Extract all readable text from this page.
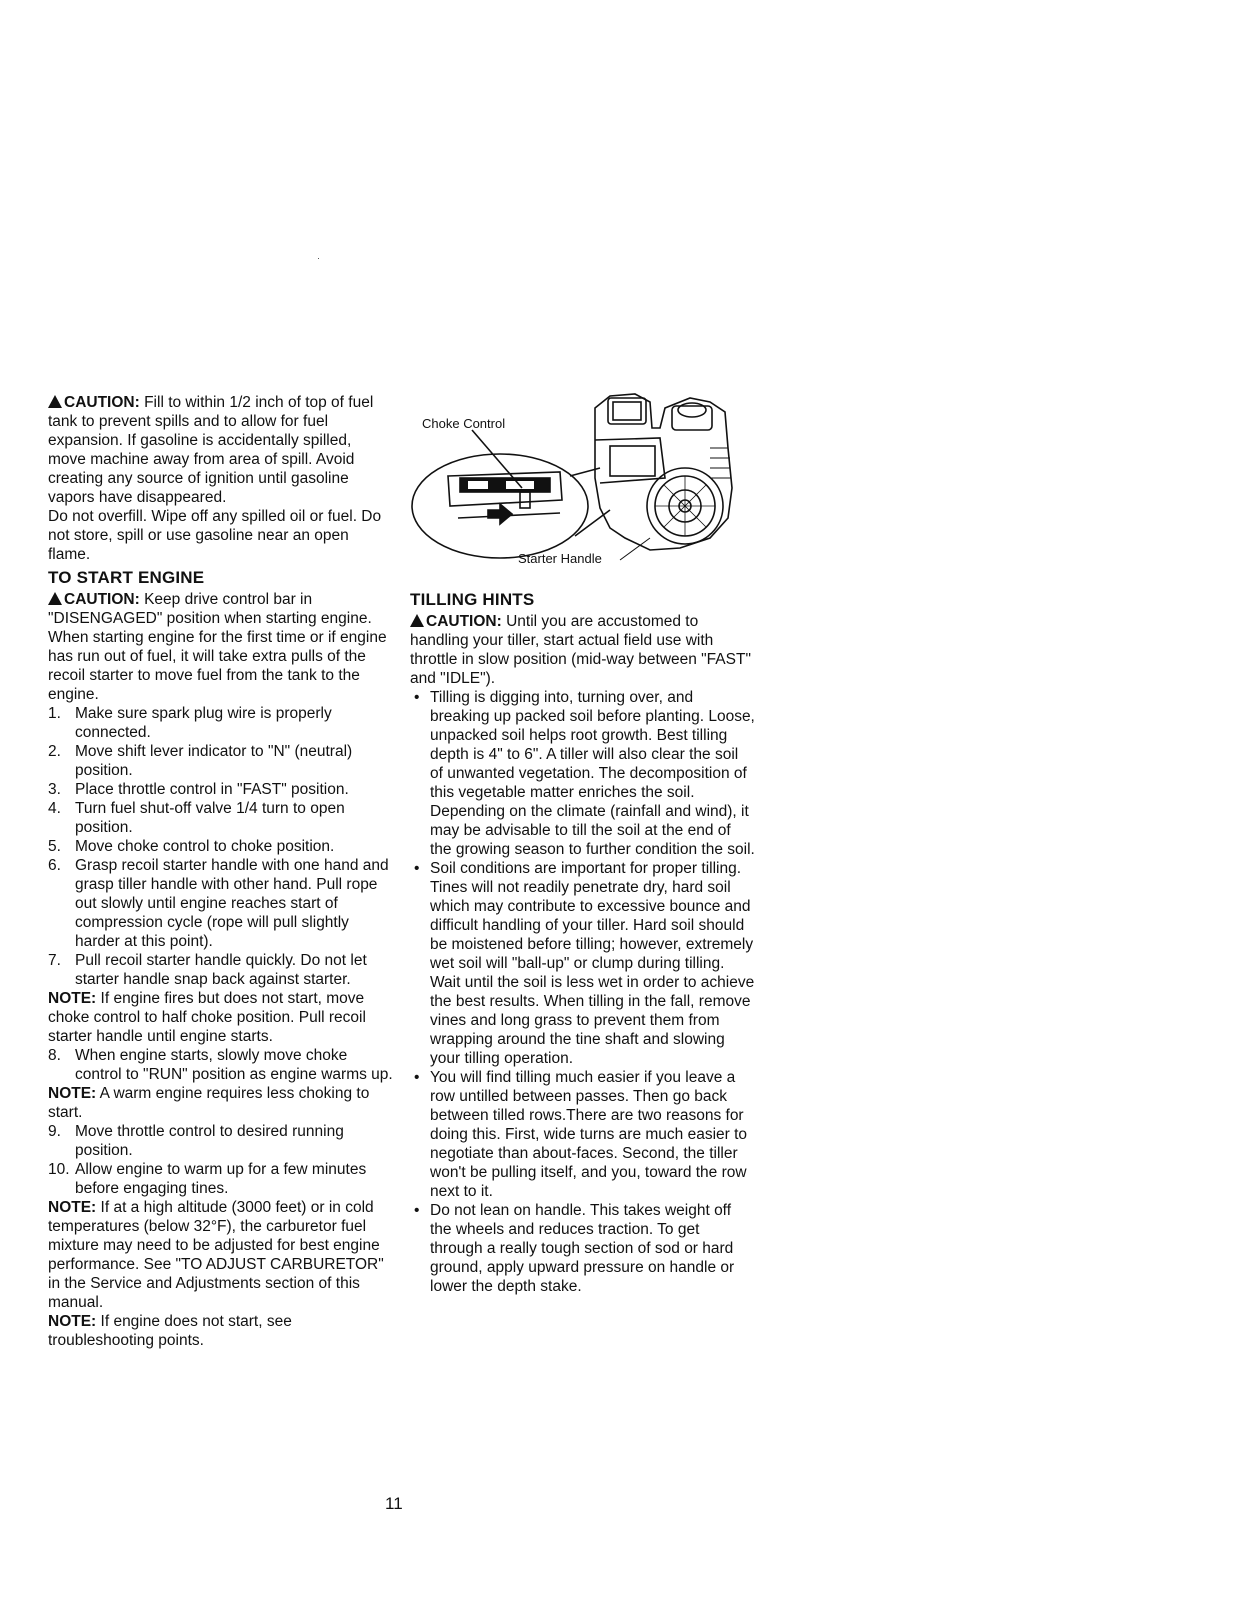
CAUTION: Fill to within 1/2 inch of top of fuel tank to prevent spills and to allow for fuel expansion. If gasoline is accidentally spilled, move machine away from area of spill. Avoid creating any source of ignition until gasoline vapors have disappeared.

Do not overfill. Wipe off any spilled oil or fuel. Do not store, spill or use gasoline near an open flame.

TO START ENGINE

CAUTION: Keep drive control bar in "DISENGAGED" position when starting engine.

When starting engine for the first time or if engine has run out of fuel, it will take extra pulls of the recoil starter to move fuel from the tank to the engine.

1. Make sure spark plug wire is properly connected.
2. Move shift lever indicator to "N" (neutral) position.
3. Place throttle control in "FAST" position.
4. Turn fuel shut-off valve 1/4 turn to open position.
5. Move choke control to choke position.
6. Grasp recoil starter handle with one hand and grasp tiller handle with other hand. Pull rope out slowly until engine reaches start of compression cycle (rope will pull slightly harder at this point).
7. Pull recoil starter handle quickly. Do not let starter handle snap back against starter.

NOTE: If engine fires but does not start, move choke control to half choke position. Pull recoil starter handle until engine starts.

8. When engine starts, slowly move choke control to "RUN" position as engine warms up.

NOTE: A warm engine requires less choking to start.

9. Move throttle control to desired running position.
10. Allow engine to warm up for a few minutes before engaging tines.

NOTE: If at a high altitude (3000 feet) or in cold temperatures (below 32°F), the carburetor fuel mixture may need to be adjusted for best engine performance. See "TO ADJUST CARBURETOR" in the Service and Adjustments section of this manual.

NOTE: If engine does not start, see troubleshooting points.

Choke Control
Starter Handle
TILLING HINTS

CAUTION: Until you are accustomed to handling your tiller, start actual field use with throttle in slow position (mid-way between "FAST" and "IDLE").

• Tilling is digging into, turning over, and breaking up packed soil before planting. Loose, unpacked soil helps root growth. Best tilling depth is 4" to 6". A tiller will also clear the soil of unwanted vegetation. The decomposition of this vegetable matter enriches the soil. Depending on the climate (rainfall and wind), it may be advisable to till the soil at the end of the growing season to further condition the soil.
• Soil conditions are important for proper tilling. Tines will not readily penetrate dry, hard soil which may contribute to excessive bounce and difficult handling of your tiller. Hard soil should be moistened before tilling; however, extremely wet soil will "ball-up" or clump during tilling. Wait until the soil is less wet in order to achieve the best results. When tilling in the fall, remove vines and long grass to prevent them from wrapping around the tine shaft and slowing your tilling operation.
• You will find tilling much easier if you leave a row untilled between passes. Then go back between tilled rows.There are two reasons for doing this. First, wide turns are much easier to negotiate than about-faces. Second, the tiller won't be pulling itself, and you, toward the row next to it.
• Do not lean on handle. This takes weight off the wheels and reduces traction. To get through a really tough section of sod or hard ground, apply upward pressure on handle or lower the depth stake.
11
